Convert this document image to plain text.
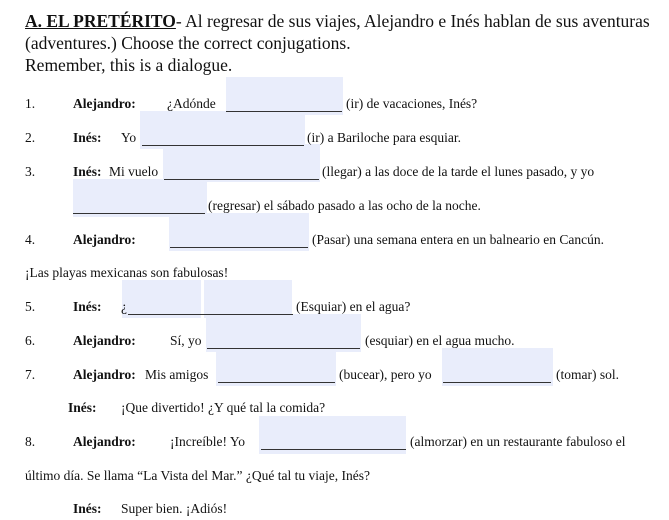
A. EL PRETÉRITO- Al regresar de sus viajes, Alejandro e Inés hablan de sus aventuras (adventures.) Choose the correct conjugations.
Remember, this is a dialogue.
1.	Alejandro: ¿Adónde	(ir) de vacaciones, Inés?
2.	Inés: Yo	(ir) a Bariloche para esquiar.
3.	Inés: Mi vuelo	(llegar) a las doce de la tarde el lunes pasado, y yo
(regresar) el sábado pasado a las ocho de la noche.
4.	Alejandro:	(Pasar) una semana entera en un balneario en Cancún.
¡Las playas mexicanas son fabulosas!
5.	Inés: ¿	(Esquiar) en el agua?
6.	Alejandro:	Sí, yo	(esquiar) en el agua mucho.
7.	Alejandro: Mis amigos	(bucear), pero yo	(tomar) sol.
Inés: ¡Que divertido! ¿Y qué tal la comida?
8.	Alejandro:	¡Increíble! Yo	(almorzar) en un restaurante fabuloso el
último día. Se llama “La Vista del Mar.” ¿Qué tal tu viaje, Inés?
Inés: Super bien. ¡Adiós!
